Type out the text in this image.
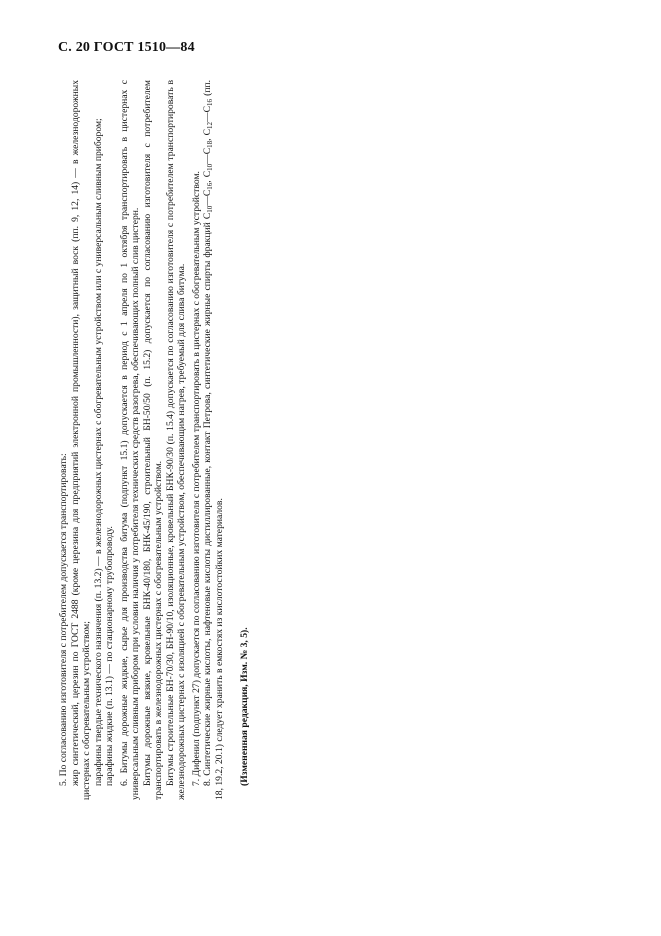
С. 20 ГОСТ 1510—84

5. По согласованию изготовителя с потребителем допускается транспортировать: жир синтетический, церезин по ГОСТ 2488 (кроме церезина для предприятий электронной промышленности), защитный воск (пп. 9, 12, 14) — в железнодорожных цистернах с обогревательным устройством; парафины твердые технического назначения (п. 13.2) — в железнодорожных цистернах с обогревательным устройством или с универсальным сливным прибором; парафины жидкие (п. 13.1) — по стационарному трубопроводу. 6. Битумы дорожные жидкие, сырье для производства битума (подпункт 15.1) допускается в период с 1 апреля по 1 октября транспортировать в цистернах с универсальным сливным прибором при условии наличия у потребителя технических средств разогрева, обеспечивающих полный слив цистерн. Битумы дорожные вязкие, кровельные БНК-40/180, БНК-45/190, строительный БН-50/50 (п. 15.2) допускается по согласованию изготовителя с потребителем транспортировать в железнодорожных цистернах с обогревательным устройством. Битумы строительные БН-70/30, БН-90/10, изоляционные, кровельный БНК-90/30 (п. 15.4) допускается по согласованию изготовителя с потребителем транспортировать в железнодорожных цистернах с изоляцией с обогревательным устройством, обеспечивающим нагрев, требуемый для слива битума. 7. Дифенил (подпункт 27) допускается по согласованию изготовителя с потребителем транспортировать в цистернах с обогревательным устройством. 8. Синтетические жирные кислоты, нафтеновые кислоты дистиллированные, контакт Петрова, синтетические жирные спирты фракций $C_{10}—C_{16}$, $C_{10}—C_{18}$, $C_{12}—C_{16}$ (пп. 18, 19.2, 20.1) следует хранить в емкостях из кислотостойких материалов. (Измененная редакция, Изм. № 3, 5).
